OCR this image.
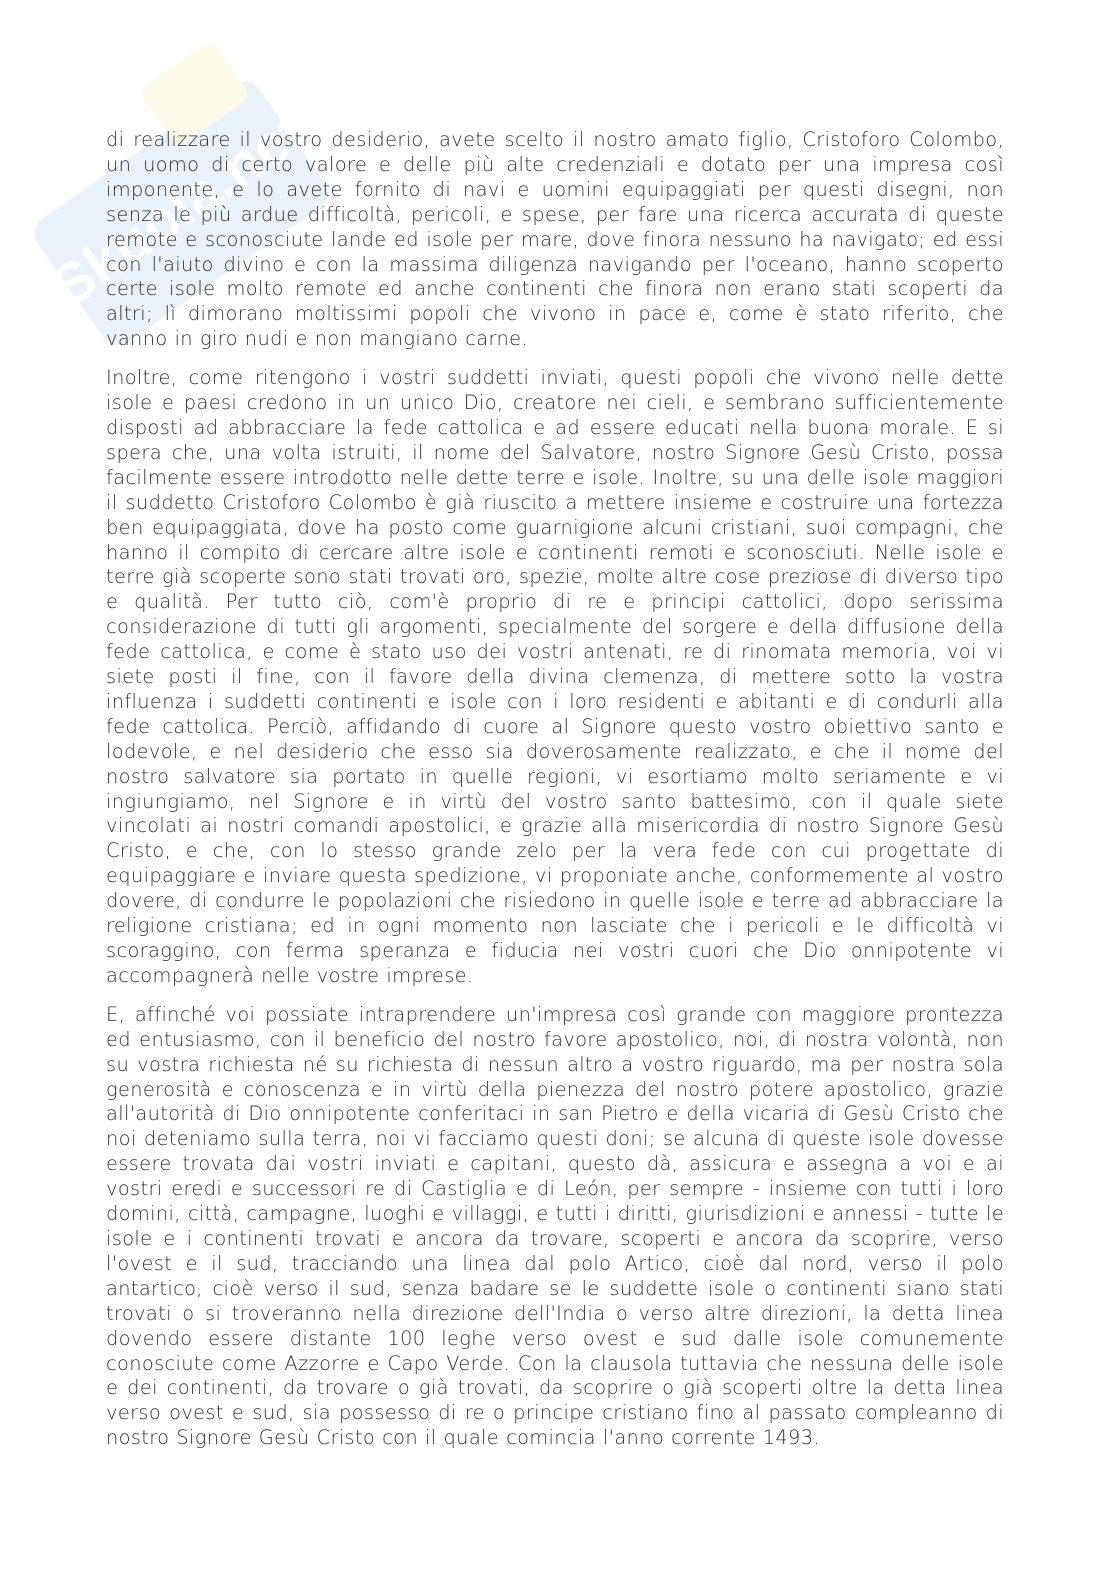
Skuola.net

di realizzare il vostro desiderio, avete scelto il nostro amato figlio, Cristoforo Colombo, un uomo di certo valore e delle più alte credenziali e dotato per una impresa così imponente, e lo avete fornito di navi e uomini equipaggiati per questi disegni, non senza le più ardue difficoltà, pericoli, e spese, per fare una ricerca accurata di queste remote e sconosciute lande ed isole per mare, dove finora nessuno ha navigato; ed essi con l'aiuto divino e con la massima diligenza navigando per l'oceano, hanno scoperto certe isole molto remote ed anche continenti che finora non erano stati scoperti da altri; lì dimorano moltissimi popoli che vivono in pace e, come è stato riferito, che vanno in giro nudi e non mangiano carne.

Inoltre, come ritengono i vostri suddetti inviati, questi popoli che vivono nelle dette isole e paesi credono in un unico Dio, creatore nei cieli, e sembrano sufficientemente disposti ad abbracciare la fede cattolica e ad essere educati nella buona morale. E si spera che, una volta istruiti, il nome del Salvatore, nostro Signore Gesù Cristo, possa facilmente essere introdotto nelle dette terre e isole. Inoltre, su una delle isole maggiori il suddetto Cristoforo Colombo è già riuscito a mettere insieme e costruire una fortezza ben equipaggiata, dove ha posto come guarnigione alcuni cristiani, suoi compagni, che hanno il compito di cercare altre isole e continenti remoti e sconosciuti. Nelle isole e terre già scoperte sono stati trovati oro, spezie, molte altre cose preziose di diverso tipo e qualità. Per tutto ciò, com'è proprio di re e principi cattolici, dopo serissima considerazione di tutti gli argomenti, specialmente del sorgere e della diffusione della fede cattolica, e come è stato uso dei vostri antenati, re di rinomata memoria, voi vi siete posti il fine, con il favore della divina clemenza, di mettere sotto la vostra influenza i suddetti continenti e isole con i loro residenti e abitanti e di condurli alla fede cattolica. Perciò, affidando di cuore al Signore questo vostro obiettivo santo e lodevole, e nel desiderio che esso sia doverosamente realizzato, e che il nome del nostro salvatore sia portato in quelle regioni, vi esortiamo molto seriamente e vi ingiungiamo, nel Signore e in virtù del vostro santo battesimo, con il quale siete vincolati ai nostri comandi apostolici, e grazie alla misericordia di nostro Signore Gesù Cristo, e che, con lo stesso grande zelo per la vera fede con cui progettate di equipaggiare e inviare questa spedizione, vi proponiate anche, conformemente al vostro dovere, di condurre le popolazioni che risiedono in quelle isole e terre ad abbracciare la religione cristiana; ed in ogni momento non lasciate che i pericoli e le difficoltà vi scoraggino, con ferma speranza e fiducia nei vostri cuori che Dio onnipotente vi accompagnerà nelle vostre imprese.

E, affinché voi possiate intraprendere un'impresa così grande con maggiore prontezza ed entusiasmo, con il beneficio del nostro favore apostolico, noi, di nostra volontà, non su vostra richiesta né su richiesta di nessun altro a vostro riguardo, ma per nostra sola generosità e conoscenza e in virtù della pienezza del nostro potere apostolico, grazie all'autorità di Dio onnipotente conferitaci in san Pietro e della vicaria di Gesù Cristo che noi deteniamo sulla terra, noi vi facciamo questi doni; se alcuna di queste isole dovesse essere trovata dai vostri inviati e capitani, questo dà, assicura e assegna a voi e ai vostri eredi e successori re di Castiglia e di León, per sempre - insieme con tutti i loro domini, città, campagne, luoghi e villaggi, e tutti i diritti, giurisdizioni e annessi - tutte le isole e i continenti trovati e ancora da trovare, scoperti e ancora da scoprire, verso l'ovest e il sud, tracciando una linea dal polo Artico, cioè dal nord, verso il polo antartico, cioè verso il sud, senza badare se le suddette isole o continenti siano stati trovati o si troveranno nella direzione dell'India o verso altre direzioni, la detta linea dovendo essere distante 100 leghe verso ovest e sud dalle isole comunemente conosciute come Azzorre e Capo Verde. Con la clausola tuttavia che nessuna delle isole e dei continenti, da trovare o già trovati, da scoprire o già scoperti oltre la detta linea verso ovest e sud, sia possesso di re o principe cristiano fino al passato compleanno di nostro Signore Gesù Cristo con il quale comincia l'anno corrente 1493.
